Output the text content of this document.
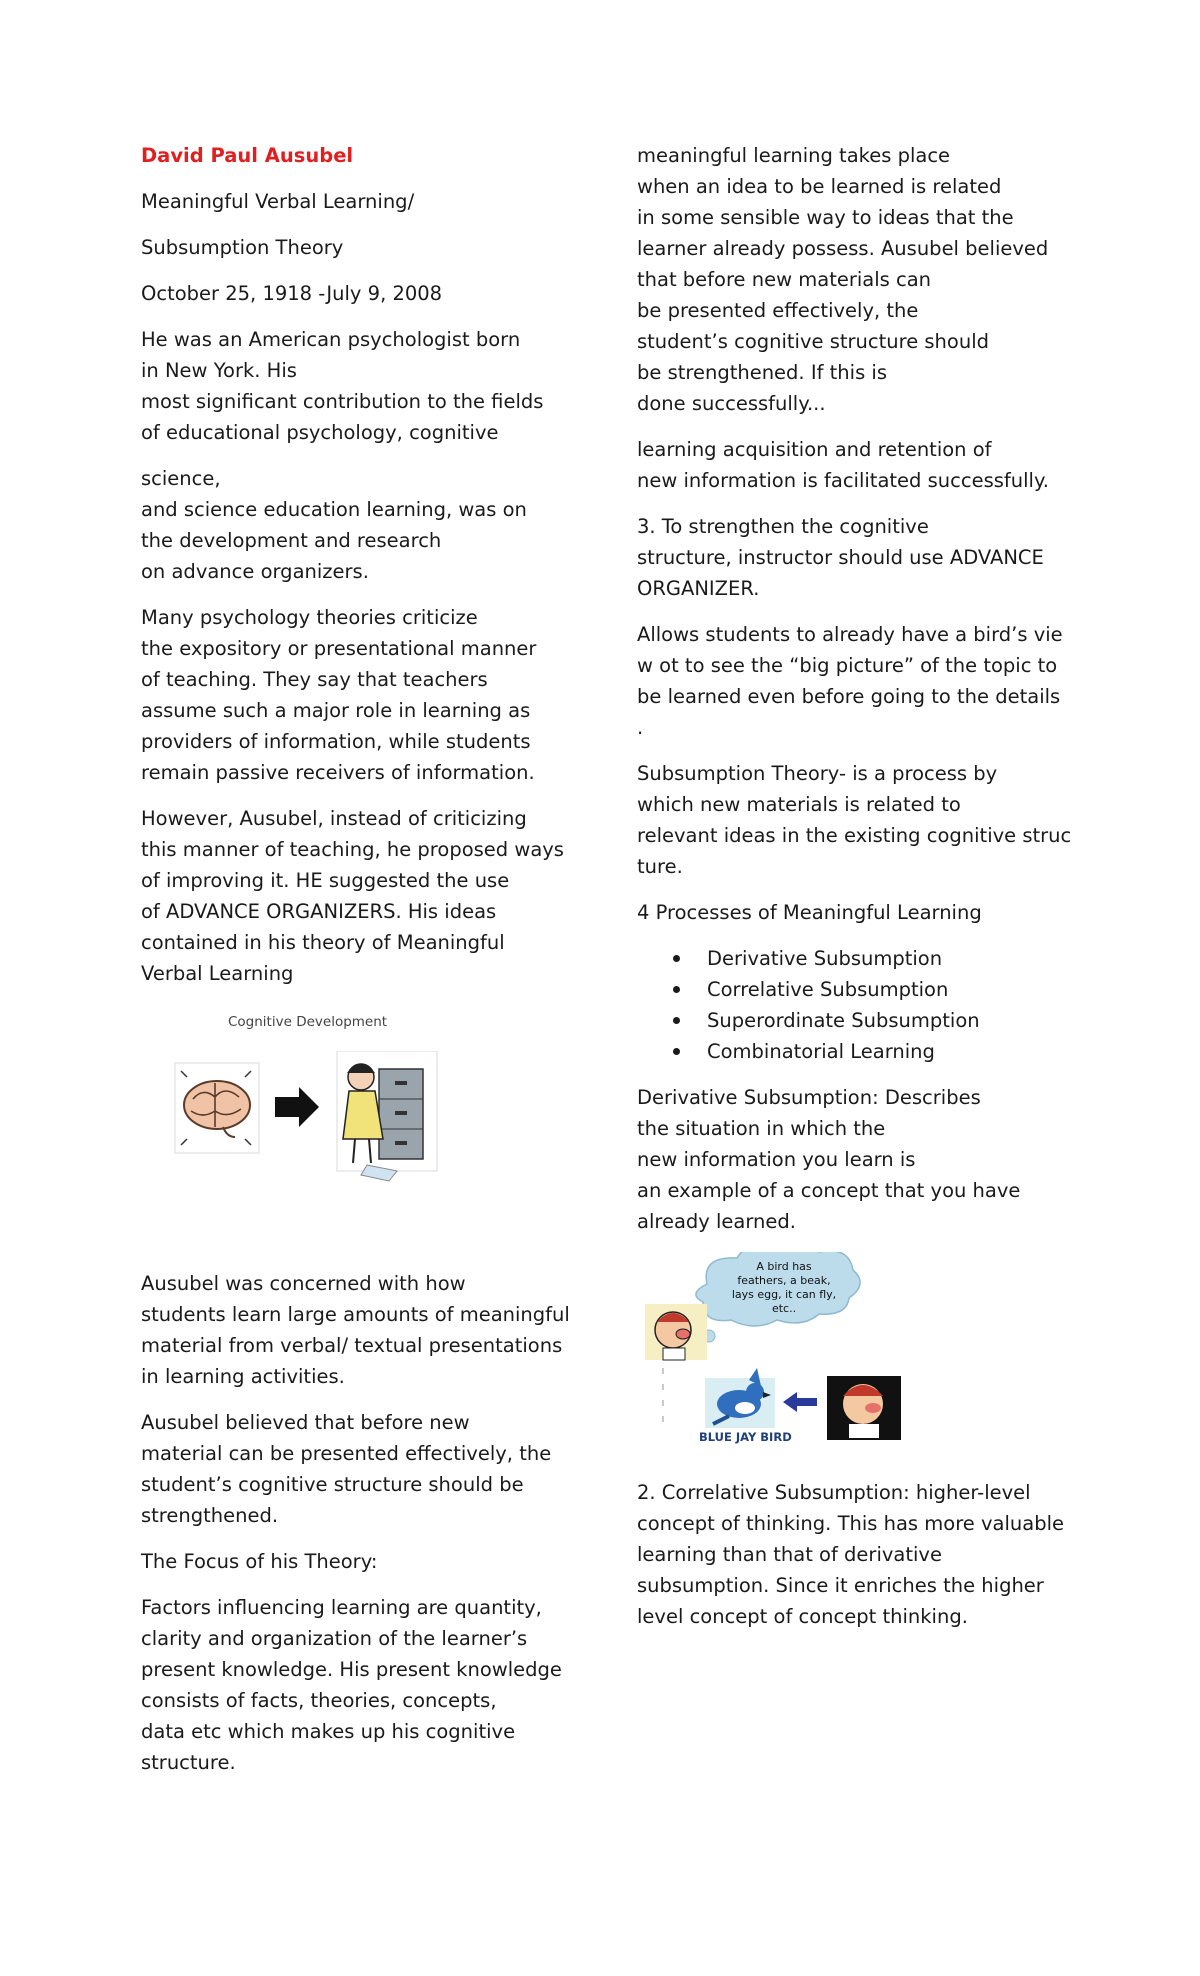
David Paul Ausubel

Meaningful Verbal Learning/

Subsumption Theory

October 25, 1918 -July 9, 2008

He was an American psychologist born
in New York. His
most significant contribution to the fields
of educational psychology, cognitive

science,
and science education learning, was on
the development and research
on advance organizers.

Many psychology theories criticize
the expository or presentational manner
of teaching. They say that teachers
assume such a major role in learning as
providers of information, while students
remain passive receivers of information.

However, Ausubel, instead of criticizing
this manner of teaching, he proposed ways
of improving it. HE suggested the use
of ADVANCE ORGANIZERS. His ideas
contained in his theory of Meaningful
Verbal Learning

Cognitive Development

Ausubel was concerned with how
students learn large amounts of meaningful
material from verbal/ textual presentations
in learning activities.

Ausubel believed that before new
material can be presented effectively, the
student’s cognitive structure should be
strengthened.

The Focus of his Theory:

Factors influencing learning are quantity,
clarity and organization of the learner’s
present knowledge. His present knowledge
consists of facts, theories, concepts,
data etc which makes up his cognitive
structure.

meaningful learning takes place
when an idea to be learned is related
in some sensible way to ideas that the
learner already possess. Ausubel believed
that before new materials can
be presented effectively, the
student’s cognitive structure should
be strengthened. If this is
done successfully...

learning acquisition and retention of
new information is facilitated successfully.

3. To strengthen the cognitive
structure, instructor should use ADVANCE
ORGANIZER.

Allows students to already have a bird’s vie
w ot to see the “big picture” of the topic to
be learned even before going to the details
.

Subsumption Theory- is a process by
which new materials is related to
relevant ideas in the existing cognitive struc
ture.

4 Processes of Meaningful Learning

Derivative Subsumption
Correlative Subsumption
Superordinate Subsumption
Combinatorial Learning

Derivative Subsumption: Describes
the situation in which the
new information you learn is
an example of a concept that you have
already learned.

A bird has
feathers, a beak,
lays egg, it can fly,
etc..
BLUE JAY BIRD

2. Correlative Subsumption: higher-level
concept of thinking. This has more valuable
learning than that of derivative
subsumption. Since it enriches the higher
level concept of concept thinking.
